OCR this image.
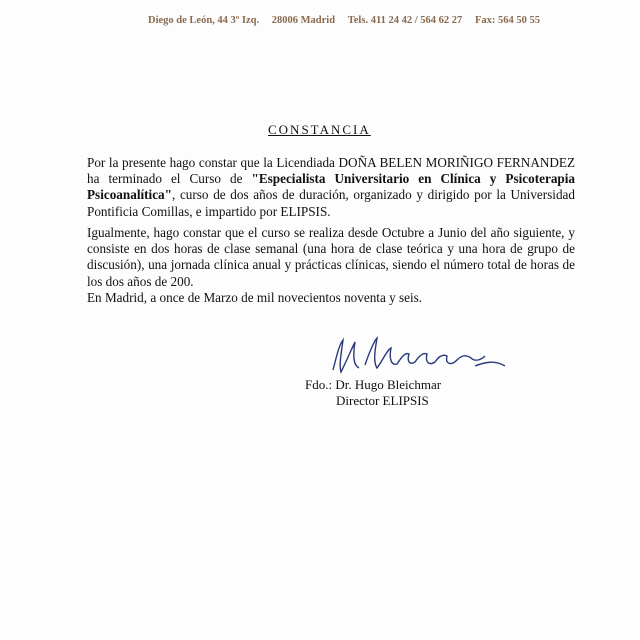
Diego de León, 44 3º Izq. 28006 Madrid Tels. 411 24 42 / 564 62 27 Fax: 564 50 55
CONSTANCIA
Por la presente hago constar que la Licendiada DOÑA BELEN MORIÑIGO FERNANDEZ
ha terminado el Curso de "Especialista Universitario en Clínica y Psicoterapia
Psicoanalítica", curso de dos años de duración, organizado y dirigido por la Universidad
Pontificia Comillas, e impartido por ELIPSIS.
Igualmente, hago constar que el curso se realiza desde Octubre a Junio del año siguiente, y
consiste en dos horas de clase semanal (una hora de clase teórica y una hora de grupo de
discusión), una jornada clínica anual y prácticas clínicas, siendo el número total de horas de
los dos años de 200.
En Madrid, a once de Marzo de mil novecientos noventa y seis.
Fdo.: Dr. Hugo Bleichmar
Director ELIPSIS
